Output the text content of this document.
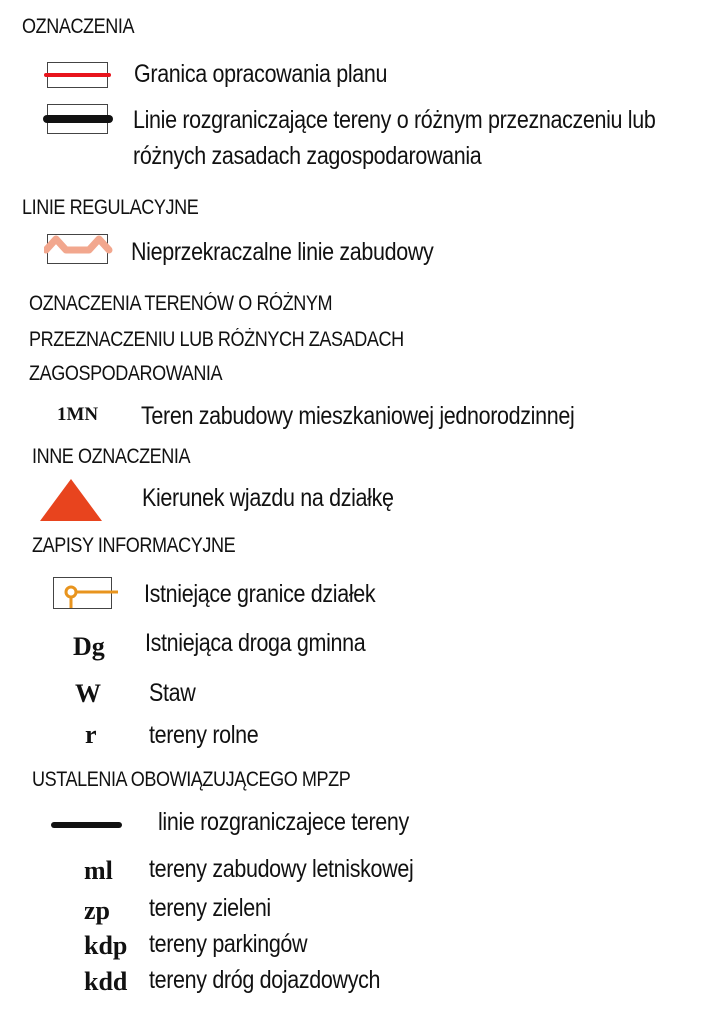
OZNACZENIA
Granica opracowania planu
Linie rozgraniczające tereny o różnym przeznaczeniu lub
różnych zasadach zagospodarowania
LINIE REGULACYJNE
Nieprzekraczalne linie zabudowy
OZNACZENIA TERENÓW O RÓŻNYM
PRZEZNACZENIU LUB RÓŻNYCH ZASADACH
ZAGOSPODAROWANIA
1MN Teren zabudowy mieszkaniowej jednorodzinnej
INNE OZNACZENIA
Kierunek wjazdu na działkę
ZAPISY INFORMACYJNE
Istniejące granice działek
Dg Istniejąca droga gminna
W Staw
r tereny rolne
USTALENIA OBOWIĄZUJĄCEGO MPZP
linie rozgraniczajece tereny
ml tereny zabudowy letniskowej
zp tereny zieleni
kdp tereny parkingów
kdd tereny dróg dojazdowych
